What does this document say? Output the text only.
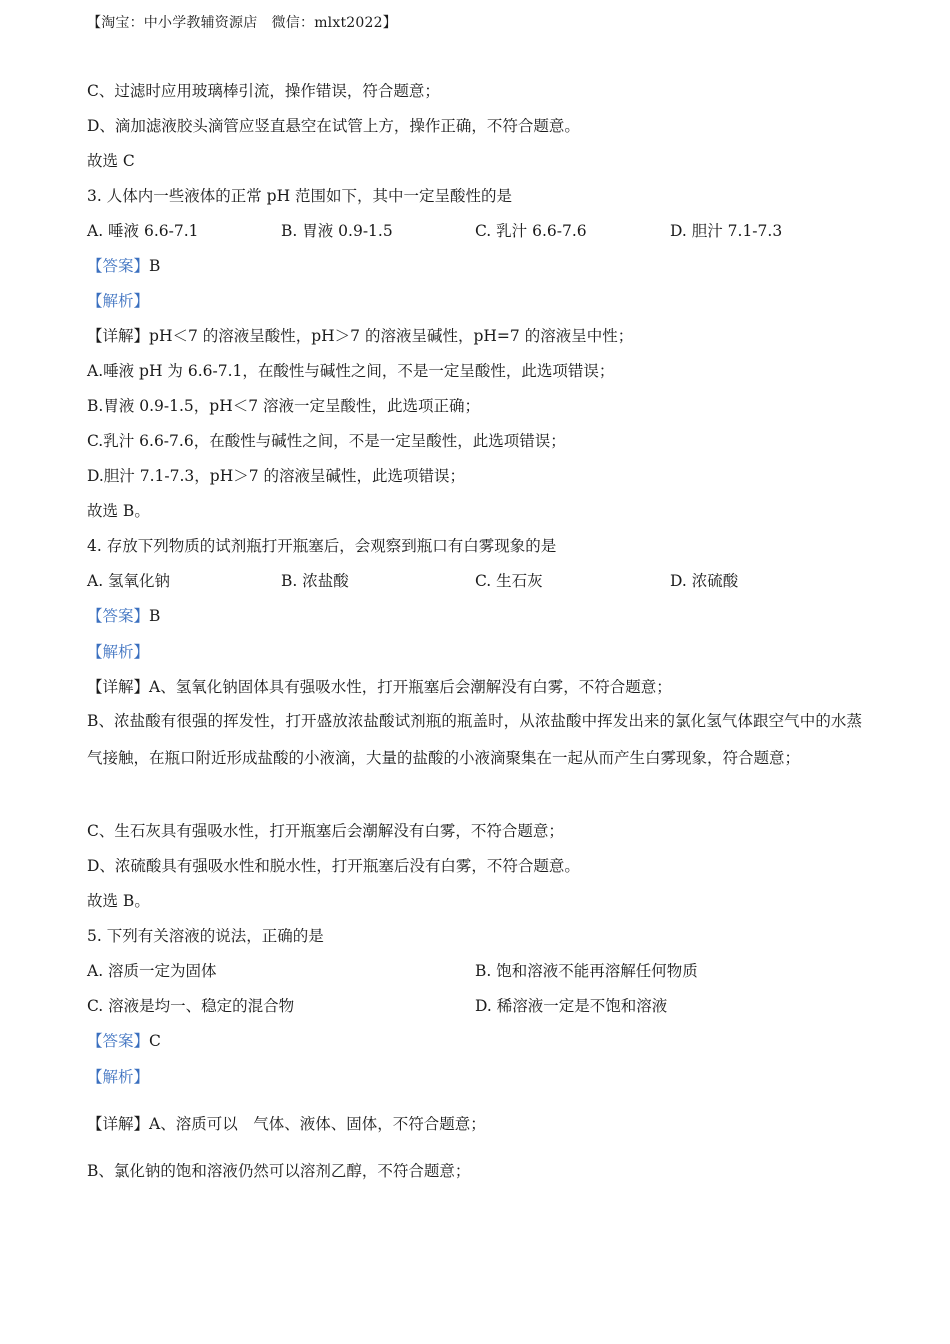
【淘宝：中小学教辅资源店　微信：mlxt2022】
C、过滤时应用玻璃棒引流，操作错误，符合题意；
D、滴加滤液胶头滴管应竖直悬空在试管上方，操作正确，不符合题意。
故选 C
3. 人体内一些液体的正常 pH 范围如下，其中一定呈酸性的是
A. 唾液 6.6-7.1	B. 胃液 0.9-1.5	C. 乳汁 6.6-7.6	D. 胆汁 7.1-7.3
【答案】B
【解析】
【详解】pH＜7 的溶液呈酸性，pH＞7 的溶液呈碱性，pH=7 的溶液呈中性；
A.唾液 pH 为 6.6-7.1，在酸性与碱性之间，不是一定呈酸性，此选项错误；
B.胃液 0.9-1.5，pH＜7 溶液一定呈酸性，此选项正确；
C.乳汁 6.6-7.6，在酸性与碱性之间，不是一定呈酸性，此选项错误；
D.胆汁 7.1-7.3，pH＞7 的溶液呈碱性，此选项错误；
故选 B。
4. 存放下列物质的试剂瓶打开瓶塞后，会观察到瓶口有白雾现象的是
A. 氢氧化钠	B. 浓盐酸	C. 生石灰	D. 浓硫酸
【答案】B
【解析】
【详解】A、氢氧化钠固体具有强吸水性，打开瓶塞后会潮解没有白雾，不符合题意；
B、浓盐酸有很强的挥发性，打开盛放浓盐酸试剂瓶的瓶盖时，从浓盐酸中挥发出来的氯化氢气体跟空气中的水蒸气接触，在瓶口附近形成盐酸的小液滴，大量的盐酸的小液滴聚集在一起从而产生白雾现象，符合题意；
C、生石灰具有强吸水性，打开瓶塞后会潮解没有白雾，不符合题意；
D、浓硫酸具有强吸水性和脱水性，打开瓶塞后没有白雾，不符合题意。
故选 B。
5. 下列有关溶液的说法，正确的是
A. 溶质一定为固体	B. 饱和溶液不能再溶解任何物质
C. 溶液是均一、稳定的混合物	D. 稀溶液一定是不饱和溶液
【答案】C
【解析】
【详解】A、溶质可以　气体、液体、固体，不符合题意；
B、氯化钠的饱和溶液仍然可以溶剂乙醇，不符合题意；
